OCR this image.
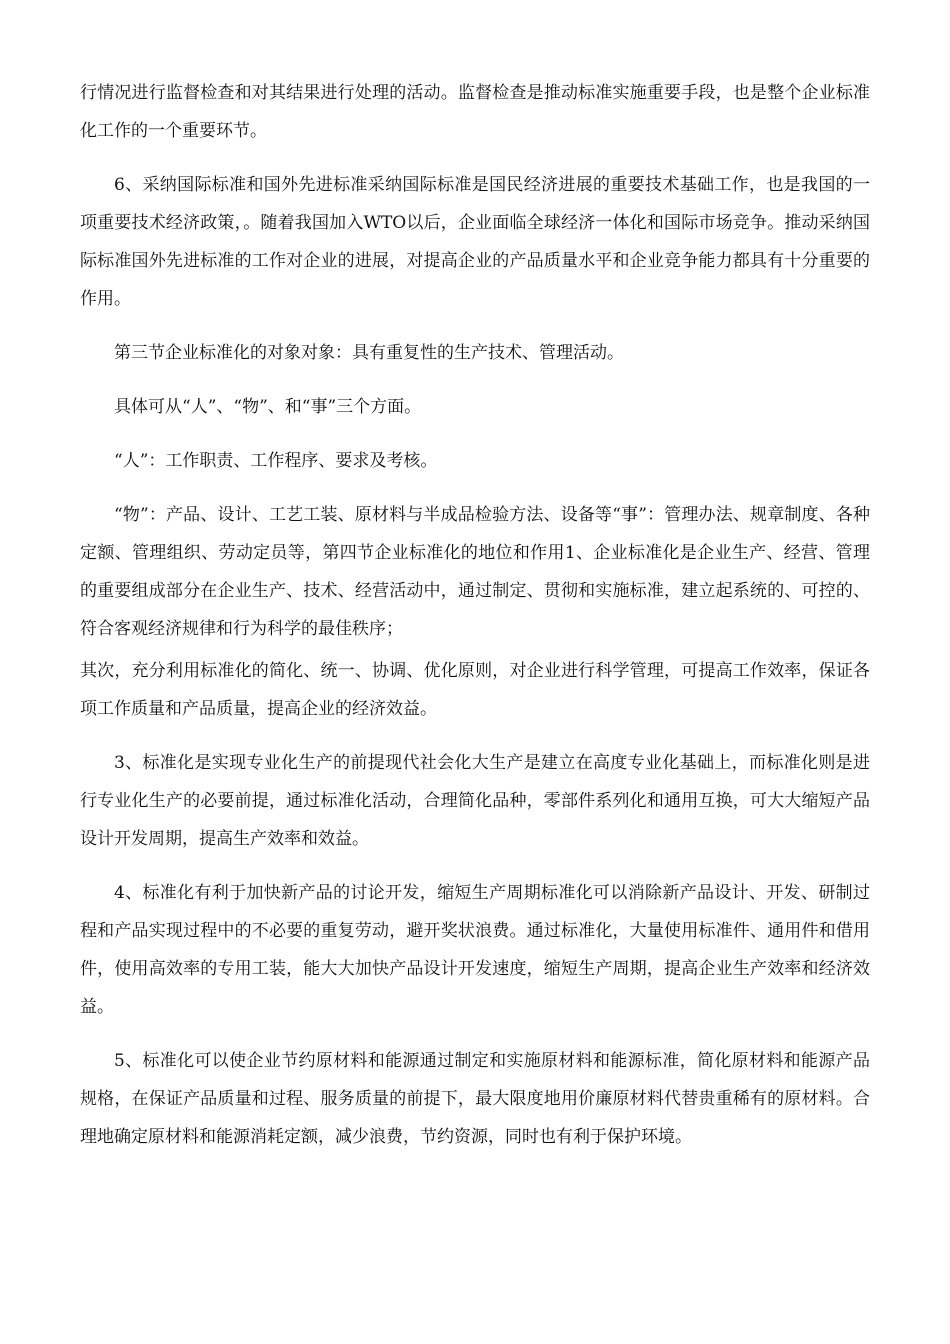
行情况进行监督检查和对其结果进行处理的活动。监督检查是推动标准实施重要手段，也是整个企业标准化工作的一个重要环节。

6、采纳国际标准和国外先进标准采纳国际标准是国民经济进展的重要技术基础工作，也是我国的一项重要技术经济政策，。随着我国加入WTO以后，企业面临全球经济一体化和国际市场竞争。推动采纳国际标准国外先进标准的工作对企业的进展，对提高企业的产品质量水平和企业竞争能力都具有十分重要的作用。

第三节企业标准化的对象对象：具有重复性的生产技术、管理活动。

具体可从“人”、“物”、和“事”三个方面。

“人”：工作职责、工作程序、要求及考核。

“物”：产品、设计、工艺工装、原材料与半成品检验方法、设备等“事”：管理办法、规章制度、各种定额、管理组织、劳动定员等，第四节企业标准化的地位和作用1、企业标准化是企业生产、经营、管理的重要组成部分在企业生产、技术、经营活动中，通过制定、贯彻和实施标准，建立起系统的、可控的、符合客观经济规律和行为科学的最佳秩序；

其次，充分利用标准化的简化、统一、协调、优化原则，对企业进行科学管理，可提高工作效率，保证各项工作质量和产品质量，提高企业的经济效益。

3、标准化是实现专业化生产的前提现代社会化大生产是建立在高度专业化基础上，而标准化则是进行专业化生产的必要前提，通过标准化活动，合理简化品种，零部件系列化和通用互换，可大大缩短产品设计开发周期，提高生产效率和效益。

4、标准化有利于加快新产品的讨论开发，缩短生产周期标准化可以消除新产品设计、开发、研制过程和产品实现过程中的不必要的重复劳动，避开奖状浪费。通过标准化，大量使用标准件、通用件和借用件，使用高效率的专用工装，能大大加快产品设计开发速度，缩短生产周期，提高企业生产效率和经济效益。

5、标准化可以使企业节约原材料和能源通过制定和实施原材料和能源标准，简化原材料和能源产品规格，在保证产品质量和过程、服务质量的前提下，最大限度地用价廉原材料代替贵重稀有的原材料。合理地确定原材料和能源消耗定额，减少浪费，节约资源，同时也有利于保护环境。
